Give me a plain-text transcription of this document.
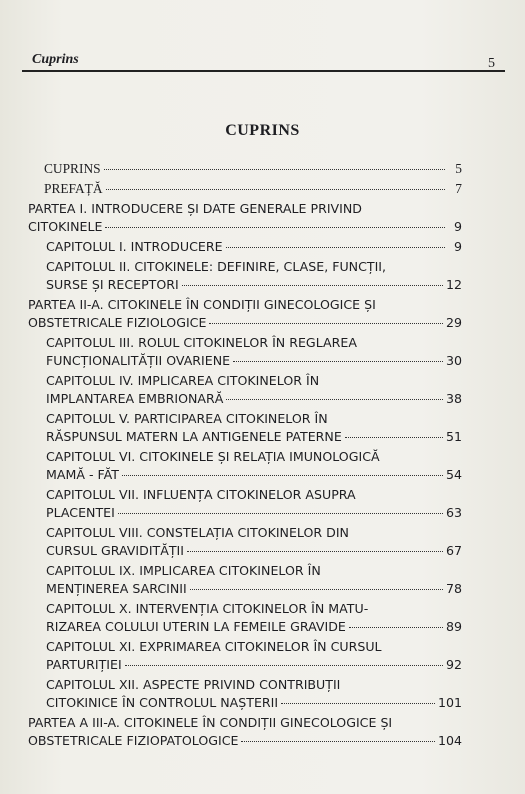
Cuprins	5
CUPRINS
CUPRINS	5
PREFAȚĂ	7
PARTEA I. INTRODUCERE ȘI DATE GENERALE PRIVIND
CITOKINELE	9
CAPITOLUL I. INTRODUCERE	9
CAPITOLUL II. CITOKINELE: DEFINIRE, CLASE, FUNCȚII,
SURSE ȘI RECEPTORI	12
PARTEA II-A. CITOKINELE ÎN CONDIȚII GINECOLOGICE ȘI
OBSTETRICALE FIZIOLOGICE	29
CAPITOLUL III. ROLUL CITOKINELOR ÎN REGLAREA
FUNCȚIONALITĂȚII OVARIENE	30
CAPITOLUL IV. IMPLICAREA CITOKINELOR ÎN
IMPLANTAREA EMBRIONARĂ	38
CAPITOLUL V. PARTICIPAREA CITOKINELOR ÎN
RĂSPUNSUL MATERN LA ANTIGENELE PATERNE	51
CAPITOLUL VI. CITOKINELE ȘI RELAȚIA IMUNOLOGICĂ
MAMĂ - FĂT	54
CAPITOLUL VII. INFLUENȚA CITOKINELOR ASUPRA
PLACENTEI	63
CAPITOLUL VIII. CONSTELAȚIA CITOKINELOR DIN
CURSUL GRAVIDITĂȚII	67
CAPITOLUL IX. IMPLICAREA CITOKINELOR ÎN
MENȚINEREA SARCINII	78
CAPITOLUL X. INTERVENȚIA CITOKINELOR ÎN MATU-
RIZAREA COLULUI UTERIN LA FEMEILE GRAVIDE	89
CAPITOLUL XI. EXPRIMAREA CITOKINELOR ÎN CURSUL
PARTURIȚIEI	92
CAPITOLUL XII. ASPECTE PRIVIND CONTRIBUȚII
CITOKINICE ÎN CONTROLUL NAȘTERII	101
PARTEA A III-A. CITOKINELE ÎN CONDIȚII GINECOLOGICE ȘI
OBSTETRICALE FIZIOPATOLOGICE	104
